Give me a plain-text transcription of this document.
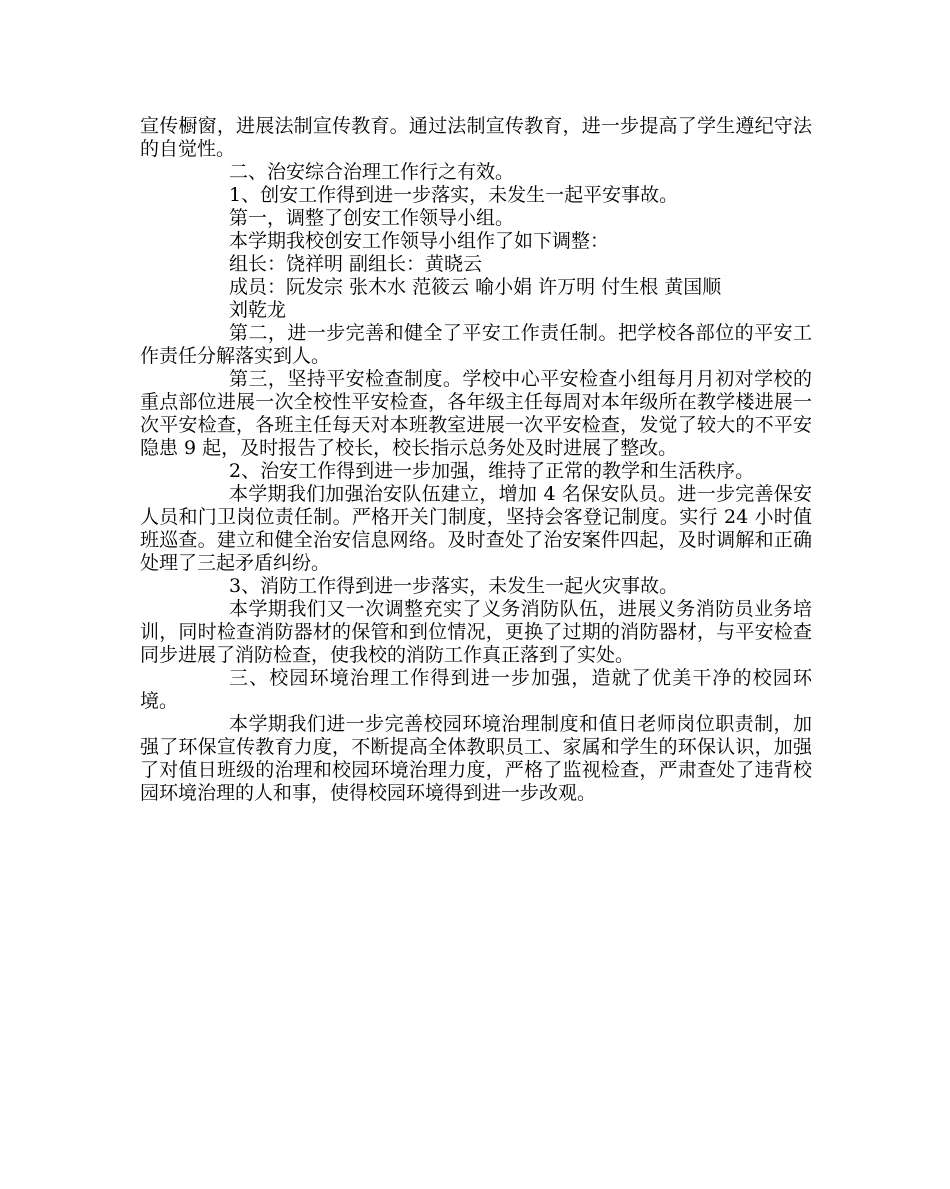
宣传橱窗，进展法制宣传教育。通过法制宣传教育，进一步提高了学生遵纪守法的自觉性。

二、治安综合治理工作行之有效。

1、创安工作得到进一步落实，未发生一起平安事故。

第一，调整了创安工作领导小组。

本学期我校创安工作领导小组作了如下调整：

组长：饶祥明 副组长：黄晓云

成员：阮发宗 张木水 范筱云 喻小娟 许万明 付生根 黄国顺

刘乾龙

第二，进一步完善和健全了平安工作责任制。把学校各部位的平安工作责任分解落实到人。

第三，坚持平安检查制度。学校中心平安检查小组每月月初对学校的重点部位进展一次全校性平安检查，各年级主任每周对本年级所在教学楼进展一次平安检查，各班主任每天对本班教室进展一次平安检查，发觉了较大的不平安隐患 9 起，及时报告了校长，校长指示总务处及时进展了整改。

2、治安工作得到进一步加强，维持了正常的教学和生活秩序。

本学期我们加强治安队伍建立，增加 4 名保安队员。进一步完善保安人员和门卫岗位责任制。严格开关门制度，坚持会客登记制度。实行 24 小时值班巡查。建立和健全治安信息网络。及时查处了治安案件四起，及时调解和正确处理了三起矛盾纠纷。

3、消防工作得到进一步落实，未发生一起火灾事故。

本学期我们又一次调整充实了义务消防队伍，进展义务消防员业务培训，同时检查消防器材的保管和到位情况，更换了过期的消防器材，与平安检查同步进展了消防检查，使我校的消防工作真正落到了实处。

三、校园环境治理工作得到进一步加强，造就了优美干净的校园环境。

本学期我们进一步完善校园环境治理制度和值日老师岗位职责制，加强了环保宣传教育力度，不断提高全体教职员工、家属和学生的环保认识，加强了对值日班级的治理和校园环境治理力度，严格了监视检查，严肃查处了违背校园环境治理的人和事，使得校园环境得到进一步改观。
